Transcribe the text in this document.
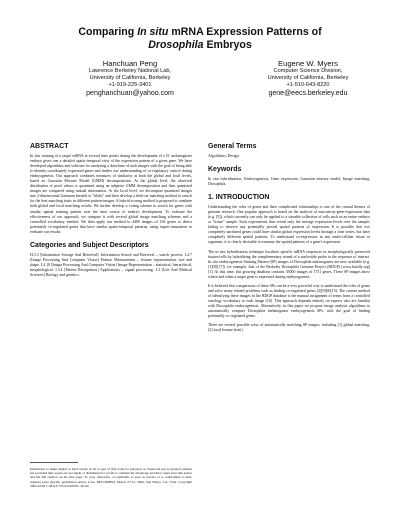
Comparing In situ mRNA Expression Patterns of
Drosophila Embryos
Hanchuan Peng
Lawrence Berkeley National Lab,
University of California, Berkeley
+1-919-225-3401
penghanchuan@yahoo.com
Eugene W. Myers
Computer Science Division,
University of California, Berkeley
+1-510-643-8220
gene@eecs.berkeley.edu
ABSTRACT

In situ staining of a target mRNA at several time points during the development of a D. melanogaster embryo gives one a detailed spatio-temporal view of the expression pattern of a given gene. We have developed algorithms and software for analyzing a data-base of such images with the goal of being able to identify coordinately expressed genes and further our understanding of co-regulatory control during embryogenesis. Our approach combines measures of similarity at both the global and local levels, based on Gaussian Mixture Model (GMM) decompositions. At the global level, the observed distribution of pixel values is quantized using an adaptive GMM decomposition and then quantized images are compared using mutual information. At the local level, we decompose quantized images into 2-dimensional Gaussian kernels or "blobs" and then develop a blob-set matching method to search for the best matching traits in different pattern-images. A hybrid scoring method is proposed to combine both global and local matching results. We further develop a voting scheme to search for genes with similar spatial staining pattern over the time course of embryo development. To evaluate the effectiveness of our approach, we compare it with several global image matching schemes and a controlled vocabulary method. We then apply our method to 4400 images of 136 genes to detect potentially co-regulated genes that have similar spatio-temporal patterns, using expert-annotation to evaluate our results.

Categories and Subject Descriptors

H.3.3 [Information Storage And Retrieval]: Information Search and Retrieval – search process. I.4.7 [Image Processing And Computer Vision] Feature Measurement – feature representation, size and shape. I.4.10 [Image Processing And Computer Vision] Image Representation – statistical, hierarchical, morphological. I.5.4 [Pattern Recognition] Applications – signal processing. J.3 [Life And Medical Sciences] Biology and genetics.

Permission to make digital or hard copies of all or part of this work for personal or classroom use is granted without fee provided that copies are not made or distributed for profit or commercial advantage and that copies bear this notice and the full citation on the first page. To copy otherwise, or republish, to post on servers or to redistribute to lists, requires prior specific permission and/or a fee. RECOMB'04, March 27-31, 2004, San Diego, CA, USA. Copyright 2004 ACM 1-58113-755-9/04/0003...$5.00.
General Terms

Algorithms, Design

Keywords

In situ hybridization, Embryogenesis, Gene expression, Gaussian mixture model, Image matching, Drosophila.

1. INTRODUCTION

Understanding the roles of genes and their complicated relationships is one of the central themes of genome research. One popular approach is based on the analysis of microarray-gene-expression data (e.g. [5]), which currently can only be applied to a sizeable collection of cells such as an entire embryo or "tissue" sample. Such experiments thus reveal only the average expression levels over the sample, failing to observe any potentially pivotal spatial patterns of expression. It is possible that two completely unrelated genes could have similar global expression levels through a time series, but have completely different spatial patterns. To understand co-expression in any multi-cellular tissue or organism, it is clearly desirable to examine the spatial patterns of a gene's expression.

The in situ hybridization technique localizes specific mRNA sequences in morphologically preserved tissues/cells by hybridizing the complementary strand of a nucleotide probe to the sequence of interest. In situ embryogenesis Staining Pattern (SP) images of Drosophila melanogaster are now available (e.g. [1][8][17]), for example, that of the Berkeley Drosophila Genome Project (BDGP) (www.fruitfly.org) [1]. At this time, this growing database contains 35000 images of 1751 genes. These SP images show where and when a target gene is expressed during embryogenesis.

It is believed that comparisons of these SPs can be a very powerful way to understand the roles of genes and solve many related problems such as finding co-regulated genes [2][9][8][15]. The current method of identifying these images in the BDGP database is the manual assignment of terms from a controlled ontology vocabulary to each image [16]. This approach depends entirely on experts who are familiar with Drosophila embryogenesis. Alternatively, in this paper we propose image analysis algorithms to automatically compare Drosophila melanogaster embryogenesis SPs, with the goal of finding potentially co-regulated genes.

There are several possible ways of automatically matching SP images, including (1) global matching, (2) local feature (trait)
